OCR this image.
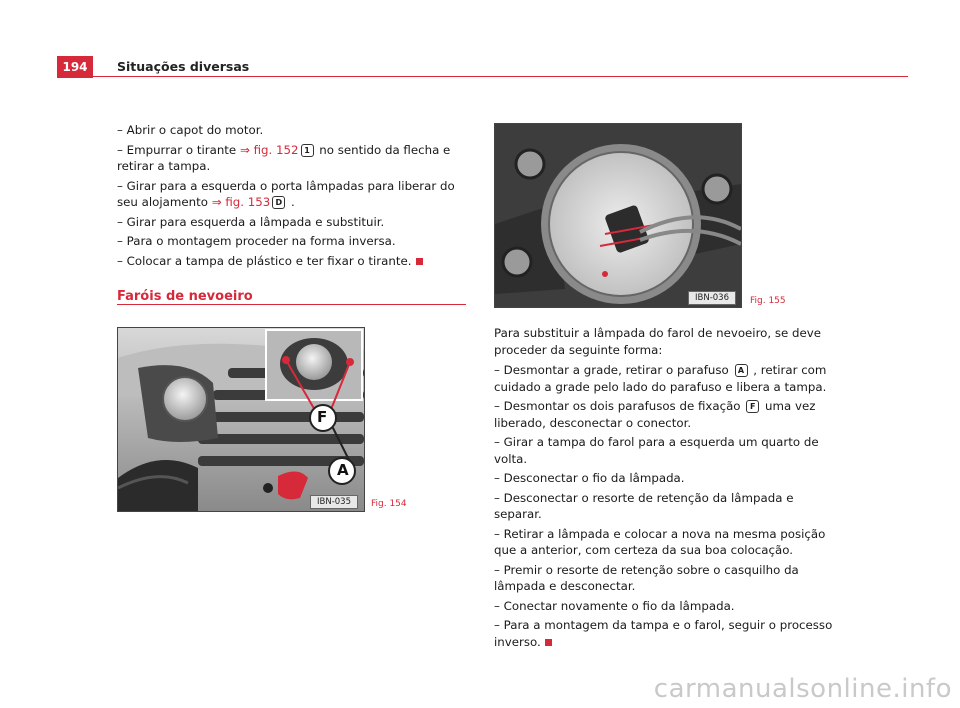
194	Situações diversas

– Abrir o capot do motor.

– Empurrar o tirante ⇒ fig. 152 1 no sentido da flecha e retirar a tampa.

– Girar para a esquerda o porta lâmpadas para liberar do seu alojamento ⇒ fig. 153 D .

– Girar para esquerda a lâmpada e substituir.

– Para o montagem proceder na forma inversa.

– Colocar a tampa de plástico e ter fixar o tirante.

Faróis de nevoeiro
F
A
IBN-035	Fig. 154
IBN-036	Fig. 155

Para substituir a lâmpada do farol de nevoeiro, se deve proceder da seguinte forma:

– Desmontar a grade, retirar o parafuso A , retirar com cuidado a grade pelo lado do parafuso e libera a tampa.

– Desmontar os dois parafusos de fixação F uma vez liberado, desconectar o conector.

– Girar a tampa do farol para a esquerda um quarto de volta.

– Desconectar o fio da lâmpada.

– Desconectar o resorte de retenção da lâmpada e separar.

– Retirar a lâmpada e colocar a nova na mesma posição que a anterior, com certeza da sua boa colocação.

– Premir o resorte de retenção sobre o casquilho da lâmpada e desconectar.

– Conectar novamente o fio da lâmpada.

– Para a montagem da tampa e o farol, seguir o processo inverso.

carmanualsonline.info
